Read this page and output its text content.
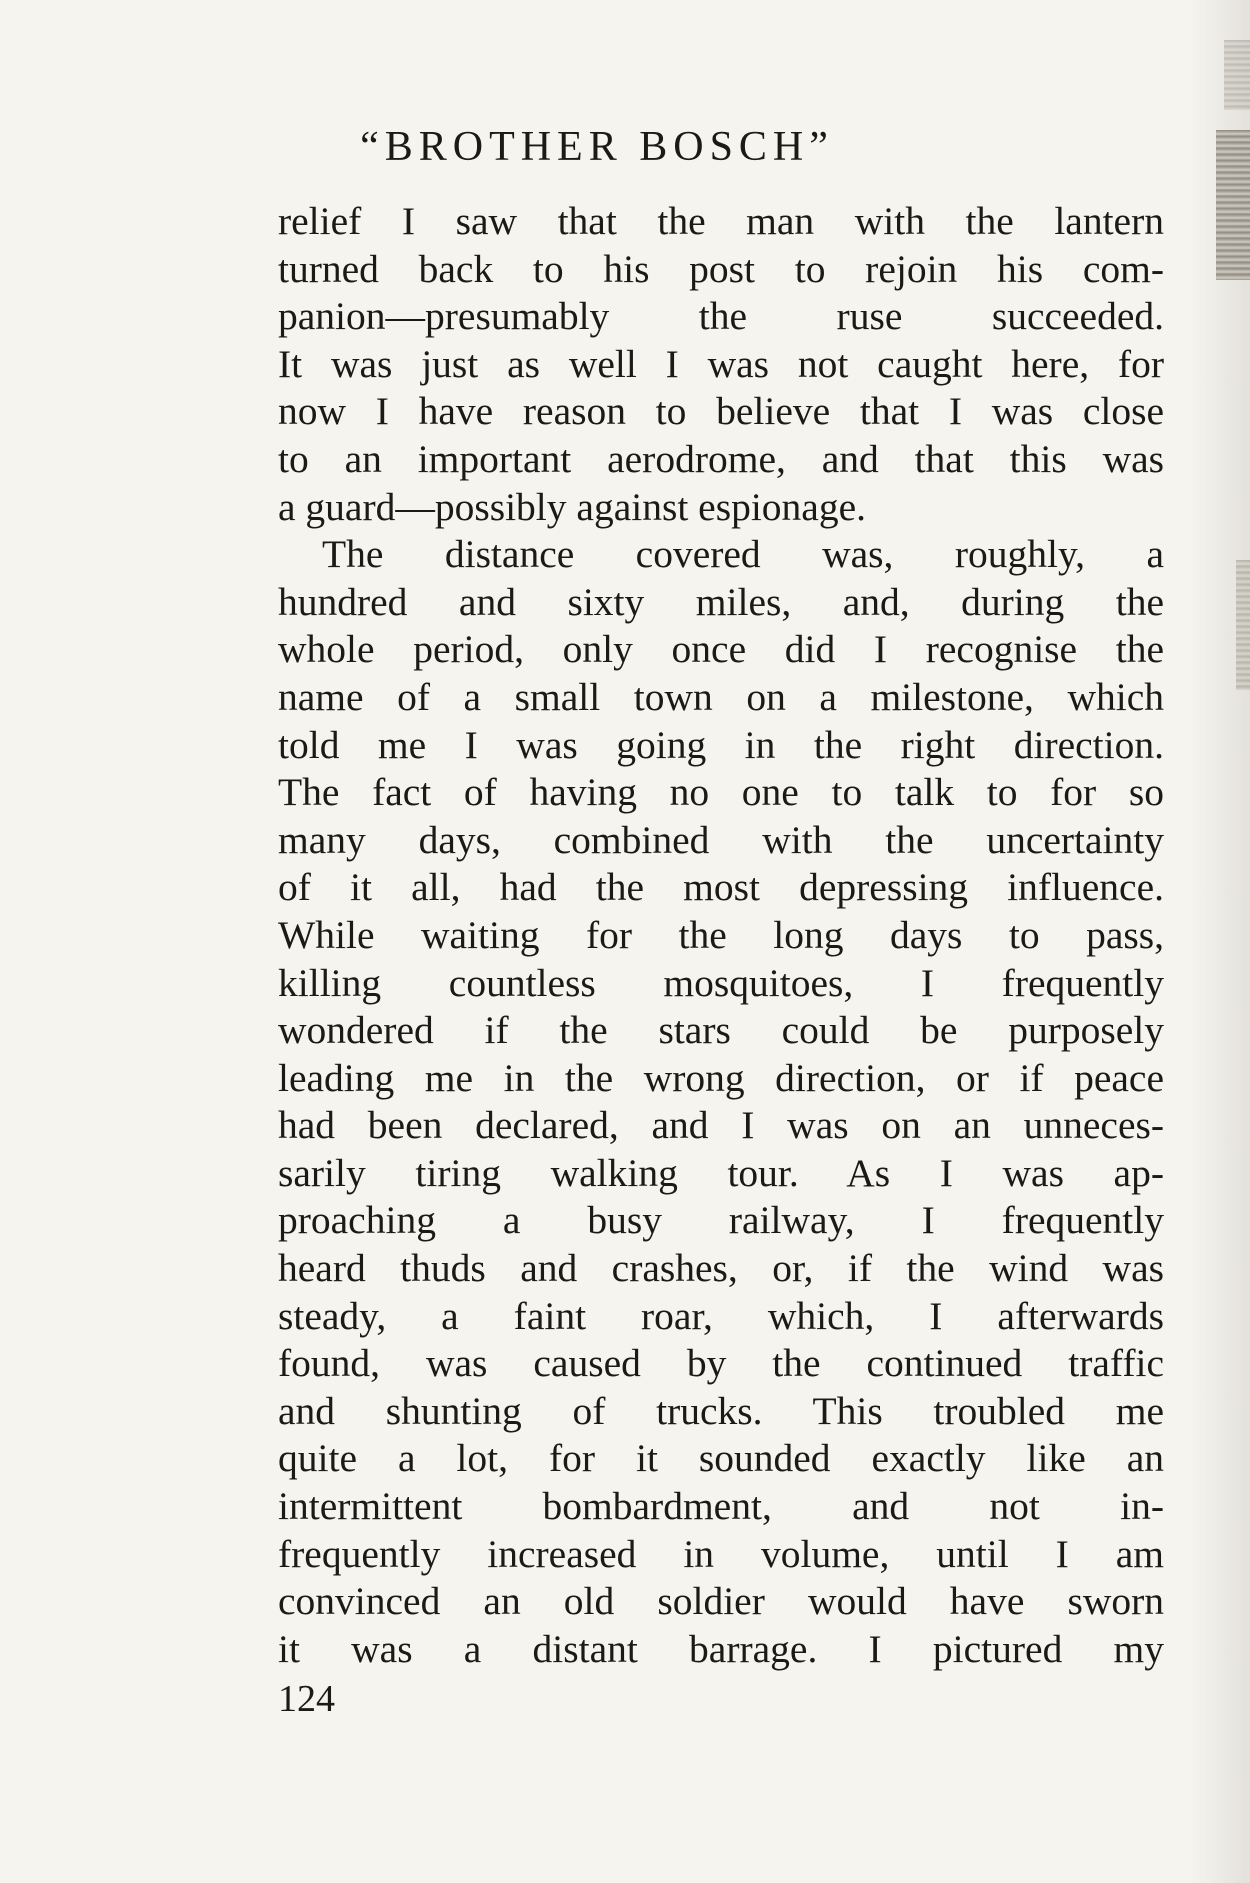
“BROTHER BOSCH”
relief I saw that the man with the lantern
turned back to his post to rejoin his com-
panion—presumably the ruse succeeded.
It was just as well I was not caught here, for
now I have reason to believe that I was close
to an important aerodrome, and that this was
a guard—possibly against espionage.
The distance covered was, roughly, a
hundred and sixty miles, and, during the
whole period, only once did I recognise the
name of a small town on a milestone, which
told me I was going in the right direction.
The fact of having no one to talk to for so
many days, combined with the uncertainty
of it all, had the most depressing influence.
While waiting for the long days to pass,
killing countless mosquitoes, I frequently
wondered if the stars could be purposely
leading me in the wrong direction, or if peace
had been declared, and I was on an unneces-
sarily tiring walking tour. As I was ap-
proaching a busy railway, I frequently
heard thuds and crashes, or, if the wind was
steady, a faint roar, which, I afterwards
found, was caused by the continued traffic
and shunting of trucks. This troubled me
quite a lot, for it sounded exactly like an
intermittent bombardment, and not in-
frequently increased in volume, until I am
convinced an old soldier would have sworn
it was a distant barrage. I pictured my
124
